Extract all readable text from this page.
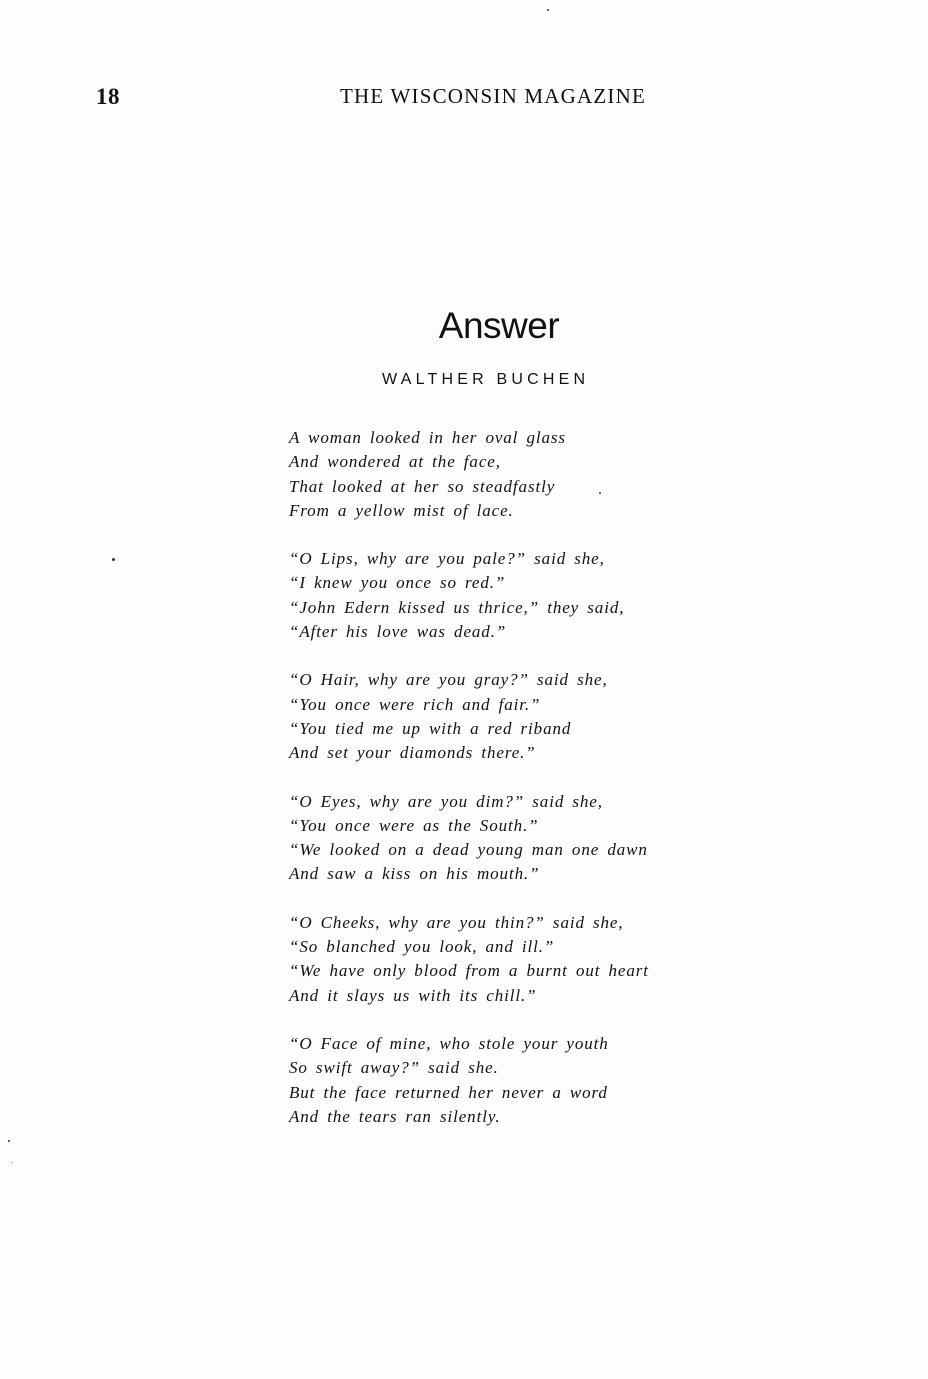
18	THE WISCONSIN MAGAZINE
Answer
WALTHER BUCHEN
A woman looked in her oval glass
And wondered at the face,
That looked at her so steadfastly
From a yellow mist of lace.
“O Lips, why are you pale?” said she,
“I knew you once so red.”
“John Edern kissed us thrice,” they said,
“After his love was dead.”
“O Hair, why are you gray?” said she,
“You once were rich and fair.”
“You tied me up with a red riband
And set your diamonds there.”
“O Eyes, why are you dim?” said she,
“You once were as the South.”
“We looked on a dead young man one dawn
And saw a kiss on his mouth.”
“O Cheeks, why are you thin?” said she,
“So blanched you look, and ill.”
“We have only blood from a burnt out heart
And it slays us with its chill.”
“O Face of mine, who stole your youth
So swift away?” said she.
But the face returned her never a word
And the tears ran silently.
